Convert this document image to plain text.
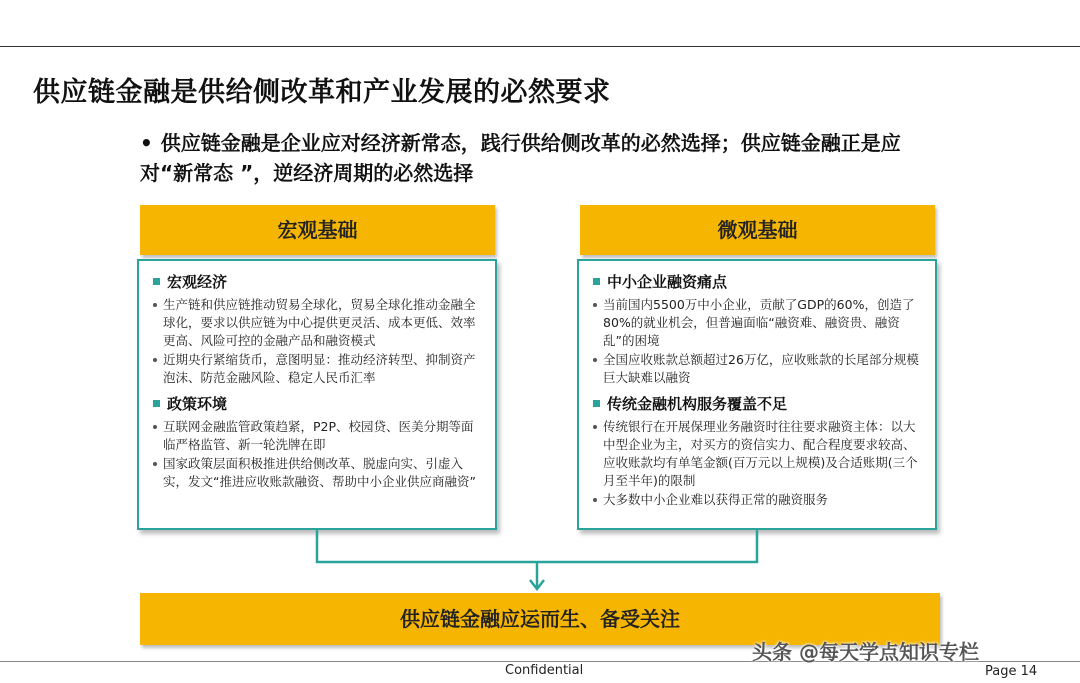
供应链金融是供给侧改革和产业发展的必然要求
• 供应链金融是企业应对经济新常态，践行供给侧改革的必然选择；供应链金融正是应对“新常态 ”，逆经济周期的必然选择
宏观基础	微观基础
宏观经济
生产链和供应链推动贸易全球化，贸易全球化推动金融全球化，要求以供应链为中心提供更灵活、成本更低、效率更高、风险可控的金融产品和融资模式
近期央行紧缩货币，意图明显：推动经济转型、抑制资产泡沫、防范金融风险、稳定人民币汇率
政策环境
互联网金融监管政策趋紧，P2P、校园贷、医美分期等面临严格监管、新一轮洗牌在即
国家政策层面积极推进供给侧改革、脱虚向实、引虚入实，发文“推进应收账款融资、帮助中小企业供应商融资”
中小企业融资痛点
当前国内5500万中小企业，贡献了GDP的60%，创造了80%的就业机会，但普遍面临“融资难、融资贵、融资乱”的困境
全国应收账款总额超过26万亿，应收账款的长尾部分规模巨大缺难以融资
传统金融机构服务覆盖不足
传统银行在开展保理业务融资时往往要求融资主体：以大中型企业为主，对买方的资信实力、配合程度要求较高、应收账款均有单笔金额(百万元以上规模)及合适账期(三个月至半年)的限制
大多数中小企业难以获得正常的融资服务
供应链金融应运而生、备受关注
Confidential	Page 14
头条 @每天学点知识专栏
